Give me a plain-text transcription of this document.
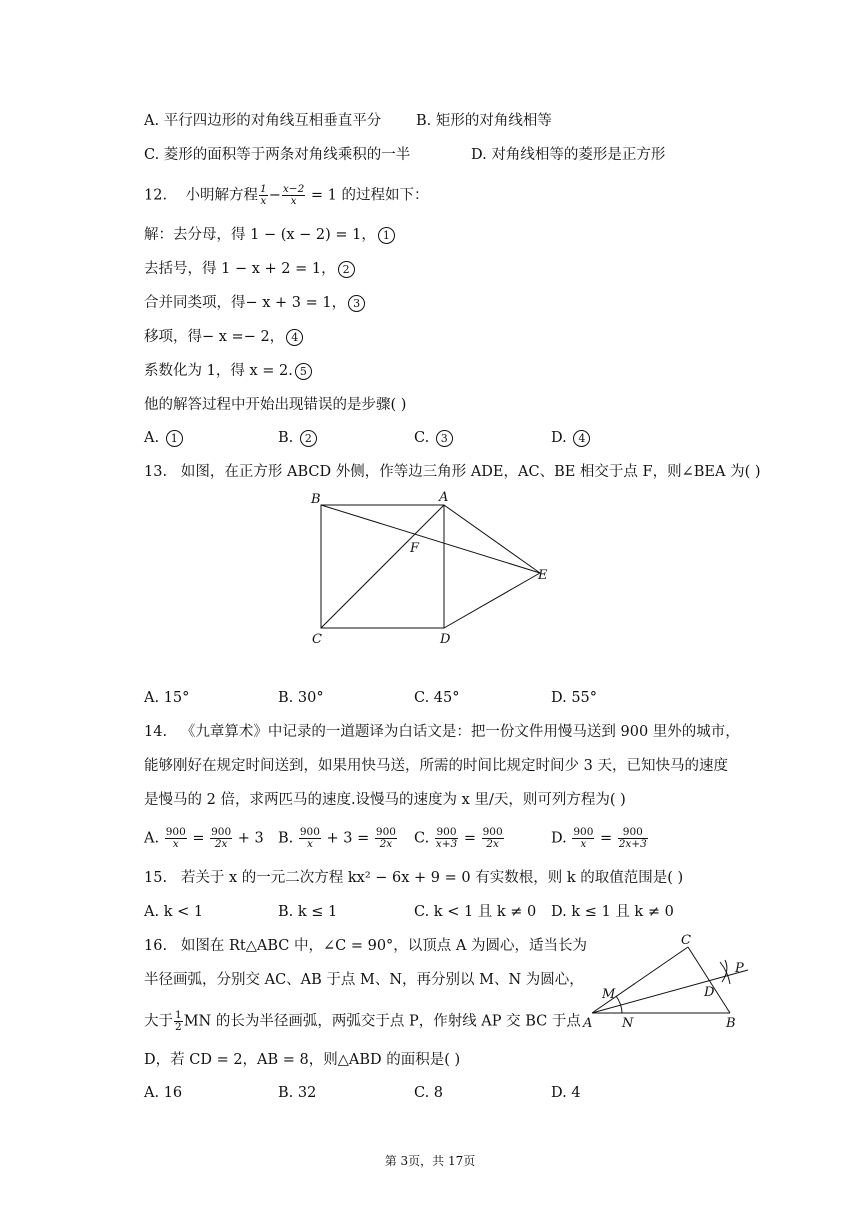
A. 平行四边形的对角线互相垂直平分 B. 矩形的对角线相等
C. 菱形的面积等于两条对角线乘积的一半	D. 对角线相等的菱形是正方形
12. 小明解方程 $\frac{1}{x} - \frac{x-2}{x} = 1$ 的过程如下：
解：去分母，得 1 − (x − 2) = 1， 1
去括号，得 1 − x + 2 = 1， 2
合并同类项，得− x + 3 = 1， 3
移项，得− x =− 2， 4
系数化为 1，得 x = 2. 5
他的解答过程中开始出现错误的是步骤( )
A. 1	B. 2	C. 3	D. 4
13. 如图，在正方形 ABCD 外侧，作等边三角形 ADE，AC、BE 相交于点 F，则∠BEA 为( )
B	A
F
E
C	D
A. 15°	B. 30°	C. 45°	D. 55°
14. 《九章算术》中记录的一道题译为白话文是：把一份文件用慢马送到 900 里外的城市，
能够刚好在规定时间送到，如果用快马送，所需的时间比规定时间少 3 天，已知快马的速度
是慢马的 2 倍，求两匹马的速度.设慢马的速度为 x 里/天，则可列方程为( )
A. $\frac{900}{x} = \frac{900}{2x} + 3$ B. $\frac{900}{x} + 3 = \frac{900}{2x} C$. $\frac{900}{x+3} = \frac{900}{2x}$	D. $\frac{900}{x} = \frac{900}{2x+3}$
15. 若关于 x 的一元二次方程 kx² − 6x + 9 = 0 有实数根，则 k 的取值范围是( )
A. k < 1	B. k ≤ 1	C. k < 1 且 k ≠ 0 D. k ≤ 1 且 k ≠ 0
16. 如图在 Rt△ABC 中，∠C = 90°，以顶点 A 为圆心，适当长为
半径画弧，分别交 AC、AB 于点 M、N，再分别以 M、N 为圆心，
大于 $\frac{1}{2}$ MN 的长为半径画弧，两弧交于点 P，作射线 AP 交 BC 于点
D，若 CD = 2，AB = 8，则△ABD 的面积是( )
C
P
M	D
A N	B
A. 16	B. 32	C. 8	D. 4
第 3页，共 17页
